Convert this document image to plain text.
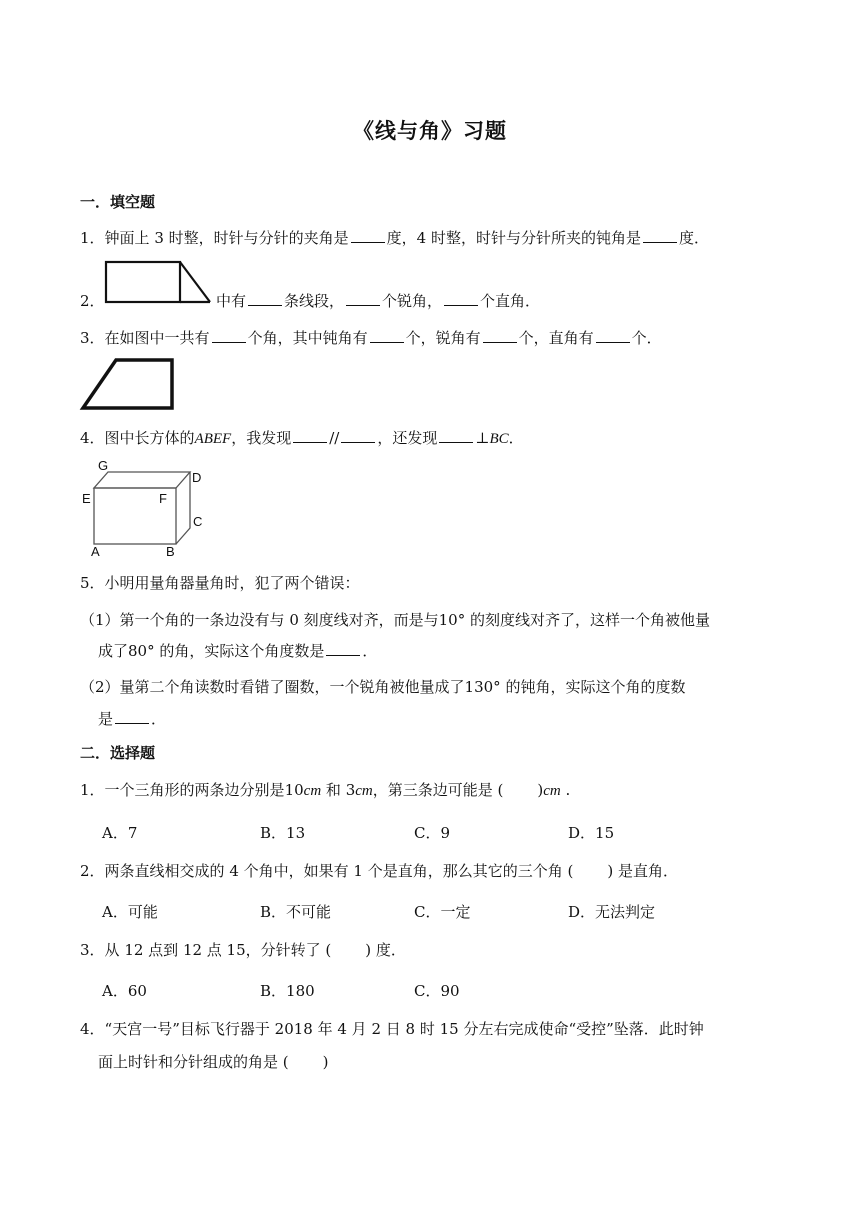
《线与角》习题
一．填空题
1．钟面上 3 时整，时针与分针的夹角是	度，4 时整，时针与分针所夹的钝角是	度．
2．	中有	条线段，	个锐角，	个直角．
3．在如图中一共有	个角，其中钝角有	个，锐角有	个，直角有	个．
4．图中长方体的ABEF，我发现	//	，还发现	⊥BC．
G
D
E	F
C
A	B
5．小明用量角器量角时，犯了两个错误：
（1）第一个角的一条边没有与 0 刻度线对齐，而是与10° 的刻度线对齐了，这样一个角被他量
成了80° 的角，实际这个角度数是	．
（2）量第二个角读数时看错了圈数，一个锐角被他量成了130° 的钝角，实际这个角的度数
是	．
二．选择题
1．一个三角形的两条边分别是10cm 和 3cm，第三条边可能是 ( )cm .
A．7	B．13	C．9	D．15
2．两条直线相交成的 4 个角中，如果有 1 个是直角，那么其它的三个角 ( ) 是直角．
A．可能	B．不可能	C．一定	D．无法判定
3．从 12 点到 12 点 15，分针转了 ( ) 度．
A．60	B．180	C．90
4．“天宫一号”目标飞行器于 2018 年 4 月 2 日 8 时 15 分左右完成使命“受控”坠落．此时钟
面上时针和分针组成的角是 ( )
